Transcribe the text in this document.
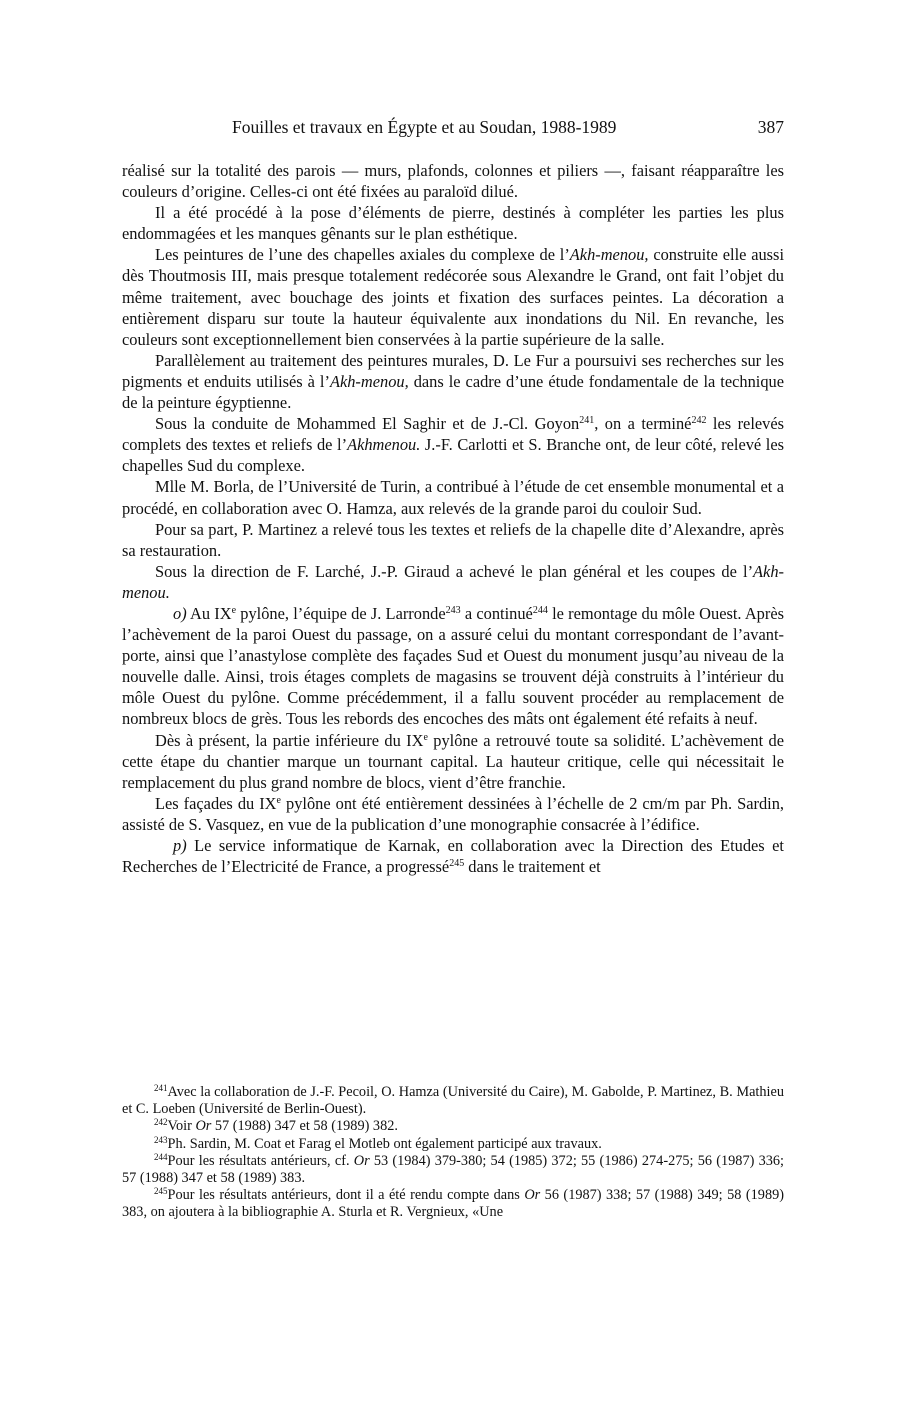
Fouilles et travaux en Égypte et au Soudan, 1988-1989	387

réalisé sur la totalité des parois — murs, plafonds, colonnes et piliers —, faisant réapparaître les couleurs d’origine. Celles-ci ont été fixées au paraloïd dilué.

Il a été procédé à la pose d’éléments de pierre, destinés à compléter les parties les plus endommagées et les manques gênants sur le plan esthétique.

Les peintures de l’une des chapelles axiales du complexe de l’Akh-menou, construite elle aussi dès Thoutmosis III, mais presque totalement redécorée sous Alexandre le Grand, ont fait l’objet du même traitement, avec bouchage des joints et fixation des surfaces peintes. La décoration a entièrement disparu sur toute la hauteur équivalente aux inondations du Nil. En revanche, les couleurs sont exceptionnellement bien conservées à la partie supérieure de la salle.

Parallèlement au traitement des peintures murales, D. Le Fur a poursuivi ses recherches sur les pigments et enduits utilisés à l’Akh-menou, dans le cadre d’une étude fondamentale de la technique de la peinture égyptienne.

Sous la conduite de Mohammed El Saghir et de J.-Cl. Goyon$^{241}$, on a terminé$^{242}$ les relevés complets des textes et reliefs de l’Akhmenou. J.-F. Carlotti et S. Branche ont, de leur côté, relevé les chapelles Sud du complexe.

Mlle M. Borla, de l’Université de Turin, a contribué à l’étude de cet ensemble monumental et a procédé, en collaboration avec O. Hamza, aux relevés de la grande paroi du couloir Sud.

Pour sa part, P. Martinez a relevé tous les textes et reliefs de la chapelle dite d’Alexandre, après sa restauration.

Sous la direction de F. Larché, J.-P. Giraud a achevé le plan général et les coupes de l’Akh-menou.

o) Au IXe pylône, l’équipe de J. Larronde$^{243}$ a continué$^{244}$ le remontage du môle Ouest. Après l’achèvement de la paroi Ouest du passage, on a assuré celui du montant correspondant de l’avant-porte, ainsi que l’anastylose complète des façades Sud et Ouest du monument jusqu’au niveau de la nouvelle dalle. Ainsi, trois étages complets de magasins se trouvent déjà construits à l’intérieur du môle Ouest du pylône. Comme précédemment, il a fallu souvent procéder au remplacement de nombreux blocs de grès. Tous les rebords des encoches des mâts ont également été refaits à neuf.

Dès à présent, la partie inférieure du IXe pylône a retrouvé toute sa solidité. L’achèvement de cette étape du chantier marque un tournant capital. La hauteur critique, celle qui nécessitait le remplacement du plus grand nombre de blocs, vient d’être franchie.

Les façades du IXe pylône ont été entièrement dessinées à l’échelle de 2 cm/m par Ph. Sardin, assisté de S. Vasquez, en vue de la publication d’une monographie consacrée à l’édifice.

p) Le service informatique de Karnak, en collaboration avec la Direction des Etudes et Recherches de l’Electricité de France, a progressé$^{245}$ dans le traitement et

$^{241}$Avec la collaboration de J.-F. Pecoil, O. Hamza (Université du Caire), M. Gabolde, P. Martinez, B. Mathieu et C. Loeben (Université de Berlin-Ouest).

$^{242}$Voir Or 57 (1988) 347 et 58 (1989) 382.

$^{243}$Ph. Sardin, M. Coat et Farag el Motleb ont également participé aux travaux.

$^{244}$Pour les résultats antérieurs, cf. Or 53 (1984) 379-380; 54 (1985) 372; 55 (1986) 274-275; 56 (1987) 336; 57 (1988) 347 et 58 (1989) 383.

$^{245}$Pour les résultats antérieurs, dont il a été rendu compte dans Or 56 (1987) 338; 57 (1988) 349; 58 (1989) 383, on ajoutera à la bibliographie A. Sturla et R. Vergnieux, «Une
